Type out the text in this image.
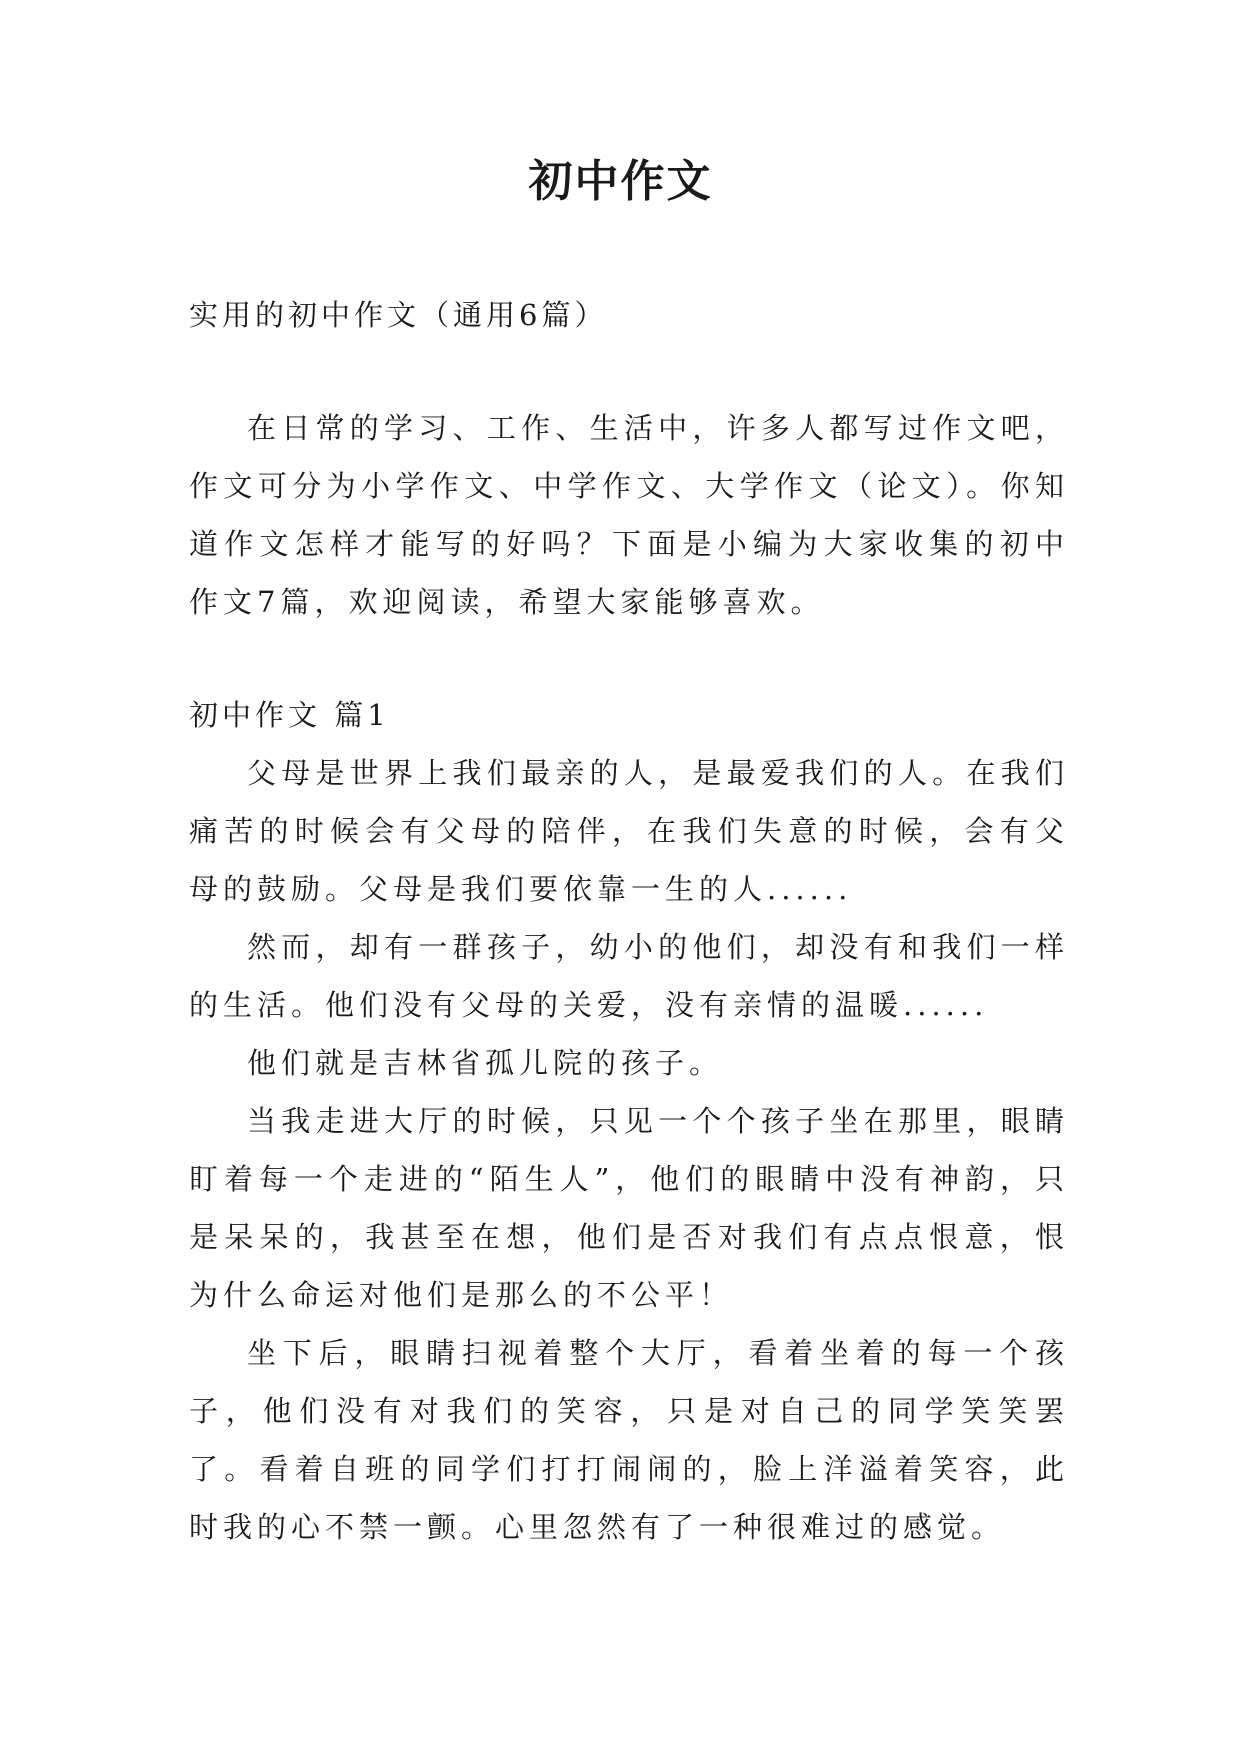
初中作文

实用的初中作文（通用6篇）

在日常的学习、工作、生活中，许多人都写过作文吧，作文可分为小学作文、中学作文、大学作文（论文）。你知道作文怎样才能写的好吗？下面是小编为大家收集的初中作文7篇，欢迎阅读，希望大家能够喜欢。

初中作文 篇1

父母是世界上我们最亲的人，是最爱我们的人。在我们痛苦的时候会有父母的陪伴，在我们失意的时候，会有父母的鼓励。父母是我们要依靠一生的人......

然而，却有一群孩子，幼小的他们，却没有和我们一样的生活。他们没有父母的关爱，没有亲情的温暖......

他们就是吉林省孤儿院的孩子。

当我走进大厅的时候，只见一个个孩子坐在那里，眼睛盯着每一个走进的“陌生人”，他们的眼睛中没有神韵，只是呆呆的，我甚至在想，他们是否对我们有点点恨意，恨为什么命运对他们是那么的不公平！

坐下后，眼睛扫视着整个大厅，看着坐着的每一个孩子，他们没有对我们的笑容，只是对自己的同学笑笑罢了。看着自班的同学们打打闹闹的，脸上洋溢着笑容，此时我的心不禁一颤。心里忽然有了一种很难过的感觉。
